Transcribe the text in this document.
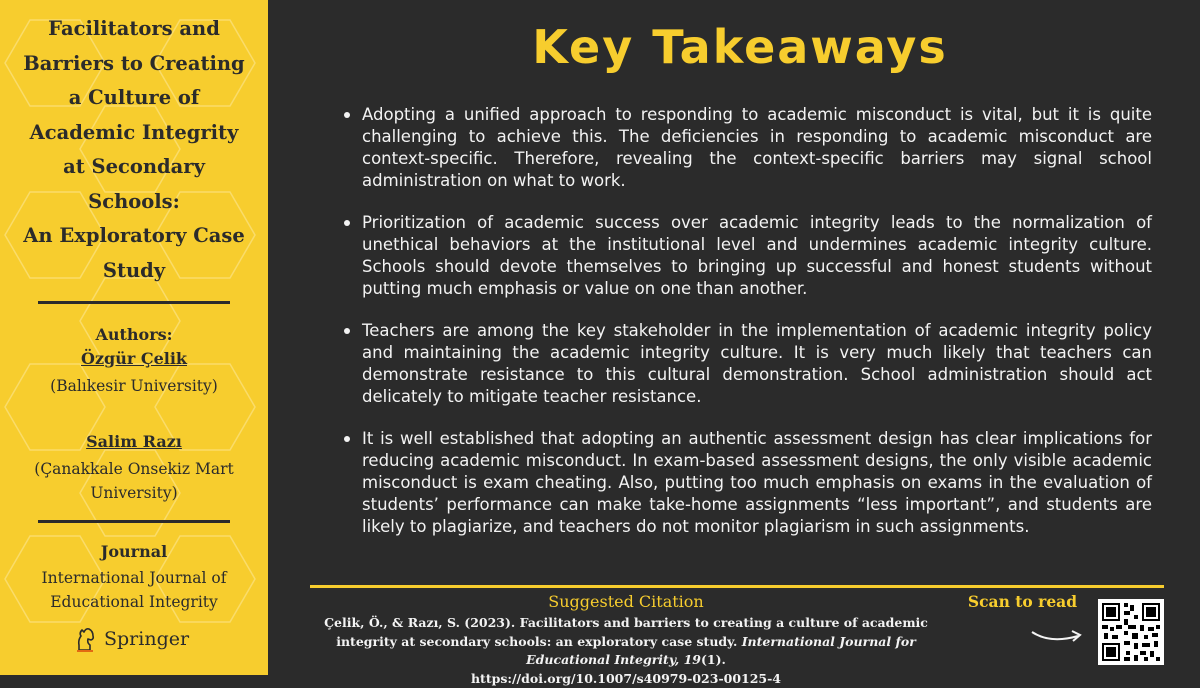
Facilitators and
Barriers to Creating
a Culture of
Academic Integrity
at Secondary
Schools:
An Exploratory Case
Study
Authors:
Özgür Çelik
(Balıkesir University)
Salim Razı
(Çanakkale Onsekiz Mart
University)
Journal
International Journal of
Educational Integrity
Springer
Key Takeaways
Adopting a unified approach to responding to academic misconduct is vital, but it is quite challenging to achieve this. The deficiencies in responding to academic misconduct are context-specific. Therefore, revealing the context-specific barriers may signal school administration on what to work.
Prioritization of academic success over academic integrity leads to the normalization of unethical behaviors at the institutional level and undermines academic integrity culture. Schools should devote themselves to bringing up successful and honest students without putting much emphasis or value on one than another.
Teachers are among the key stakeholder in the implementation of academic integrity policy and maintaining the academic integrity culture. It is very much likely that teachers can demonstrate resistance to this cultural demonstration. School administration should act delicately to mitigate teacher resistance.
It is well established that adopting an authentic assessment design has clear implications for reducing academic misconduct. In exam-based assessment designs, the only visible academic misconduct is exam cheating. Also, putting too much emphasis on exams in the evaluation of students’ performance can make take-home assignments “less important”, and students are likely to plagiarize, and teachers do not monitor plagiarism in such assignments.
Suggested Citation
Çelik, Ö., & Razı, S. (2023). Facilitators and barriers to creating a culture of academic integrity at secondary schools: an exploratory case study. International Journal for Educational Integrity, 19(1).
https://doi.org/10.1007/s40979-023-00125-4
Scan to read
